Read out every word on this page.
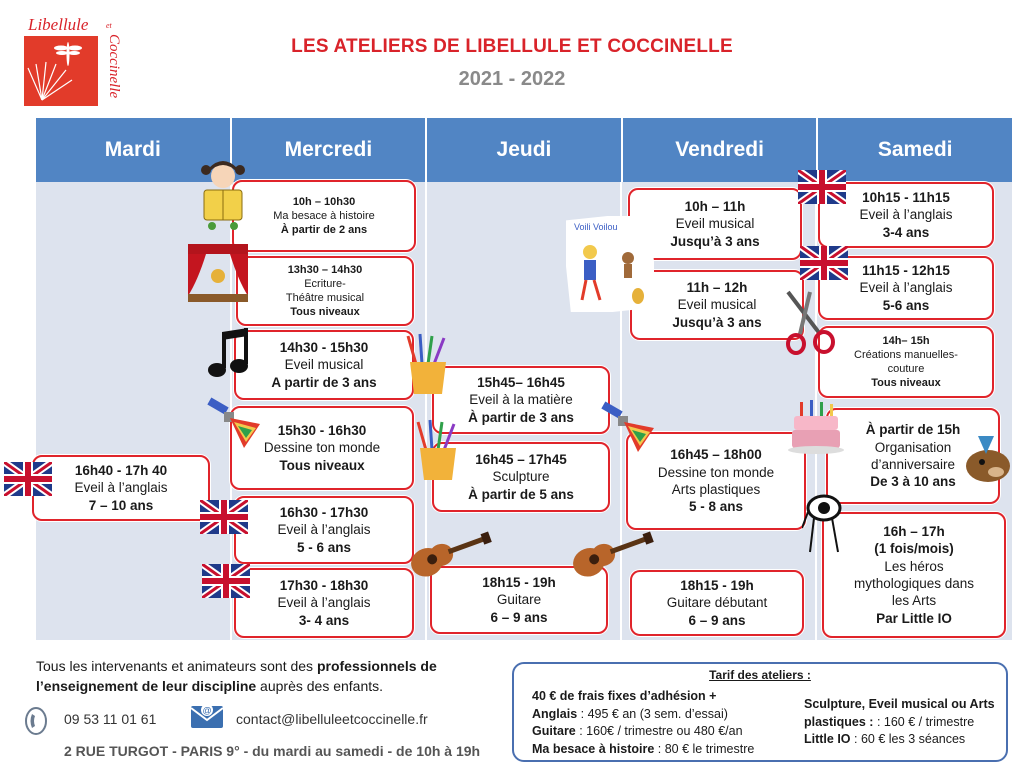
Libellule et
Coccinelle	LES ATELIERS DE LIBELLULE ET COCCINELLE
2021 - 2022
Mardi	Mercredi	Jeudi	Vendredi	Samedi
16h40 - 17h 40
Eveil à l’anglais
7 – 10 ans
10h – 10h30
Ma besace à histoire
À partir de 2 ans
13h30 – 14h30
Ecriture-
Théâtre musical
Tous niveaux
14h30 - 15h30
Eveil musical
A partir de 3 ans
15h30 - 16h30
Dessine ton monde
Tous niveaux
16h30 - 17h30
Eveil à l’anglais
5 - 6 ans
17h30 - 18h30
Eveil à l’anglais
3- 4 ans
15h45– 16h45
Eveil à la matière
À partir de 3 ans
16h45 – 17h45
Sculpture
À partir de 5 ans
18h15 - 19h
Guitare
6 – 9 ans
10h – 11h
Eveil musical
Jusqu’à 3 ans
11h – 12h
Eveil musical
Jusqu’à 3 ans
16h45 – 18h00
Dessine ton monde
Arts plastiques
5 - 8 ans
18h15 - 19h
Guitare débutant
6 – 9 ans
10h15 - 11h15
Eveil à l’anglais
3-4 ans
11h15 - 12h15
Eveil à l’anglais
5-6 ans
14h– 15h
Créations manuelles-
couture
Tous niveaux
À partir de 15h
Organisation
d’anniversaire
De 3 à 10 ans
16h – 17h
(1 fois/mois)
Les héros
mythologiques dans
les Arts
Par Little IO
Voili Voilou
Tous les intervenants et animateurs sont des professionnels de l’enseignement de leur discipline auprès des enfants.
09 53 11 01 61
@
contact@libelluleetcoccinelle.fr
2 RUE TURGOT - PARIS 9° - du mardi au samedi - de 10h à 19h
Tarif des ateliers :
40 € de frais fixes d’adhésion +
Anglais : 495 € an (3 sem. d’essai)
Guitare : 160€ / trimestre ou 480 €/an
Ma besace à histoire : 80 € le trimestre
Sculpture, Eveil musical ou Arts plastiques : : 160 € / trimestre
Little IO : 60 € les 3 séances
